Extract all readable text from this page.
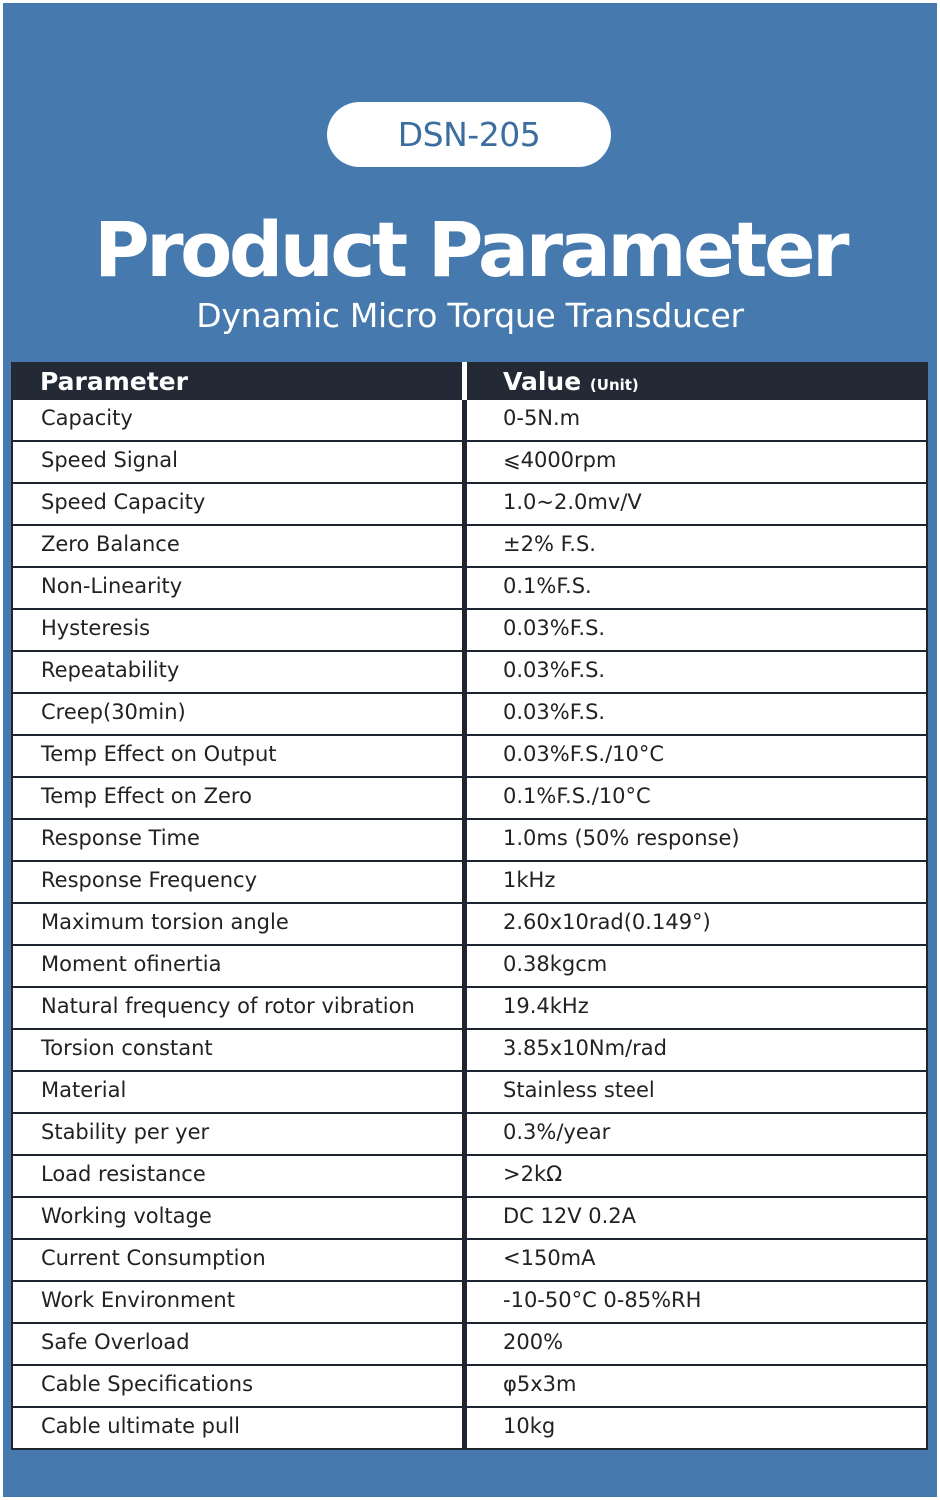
DSN-205
Product Parameter
Dynamic Micro Torque Transducer
Parameter	Value (Unit)
Capacity	0-5N.m
Speed Signal	⩽4000rpm
Speed Capacity	1.0~2.0mv/V
Zero Balance	±2% F.S.
Non-Linearity	0.1%F.S.
Hysteresis	0.03%F.S.
Repeatability	0.03%F.S.
Creep(30min)	0.03%F.S.
Temp Effect on Output	0.03%F.S./10°C
Temp Effect on Zero	0.1%F.S./10°C
Response Time	1.0ms (50% response)
Response Frequency	1kHz
Maximum torsion angle	2.60x10rad(0.149°)
Moment ofinertia	0.38kgcm
Natural frequency of rotor vibration	19.4kHz
Torsion constant	3.85x10Nm/rad
Material	Stainless steel
Stability per yer	0.3%/year
Load resistance	>2kΩ
Working voltage	DC 12V 0.2A
Current Consumption	<150mA
Work Environment	-10-50°C 0-85%RH
Safe Overload	200%
Cable Specifications	φ5x3m
Cable ultimate pull	10kg
